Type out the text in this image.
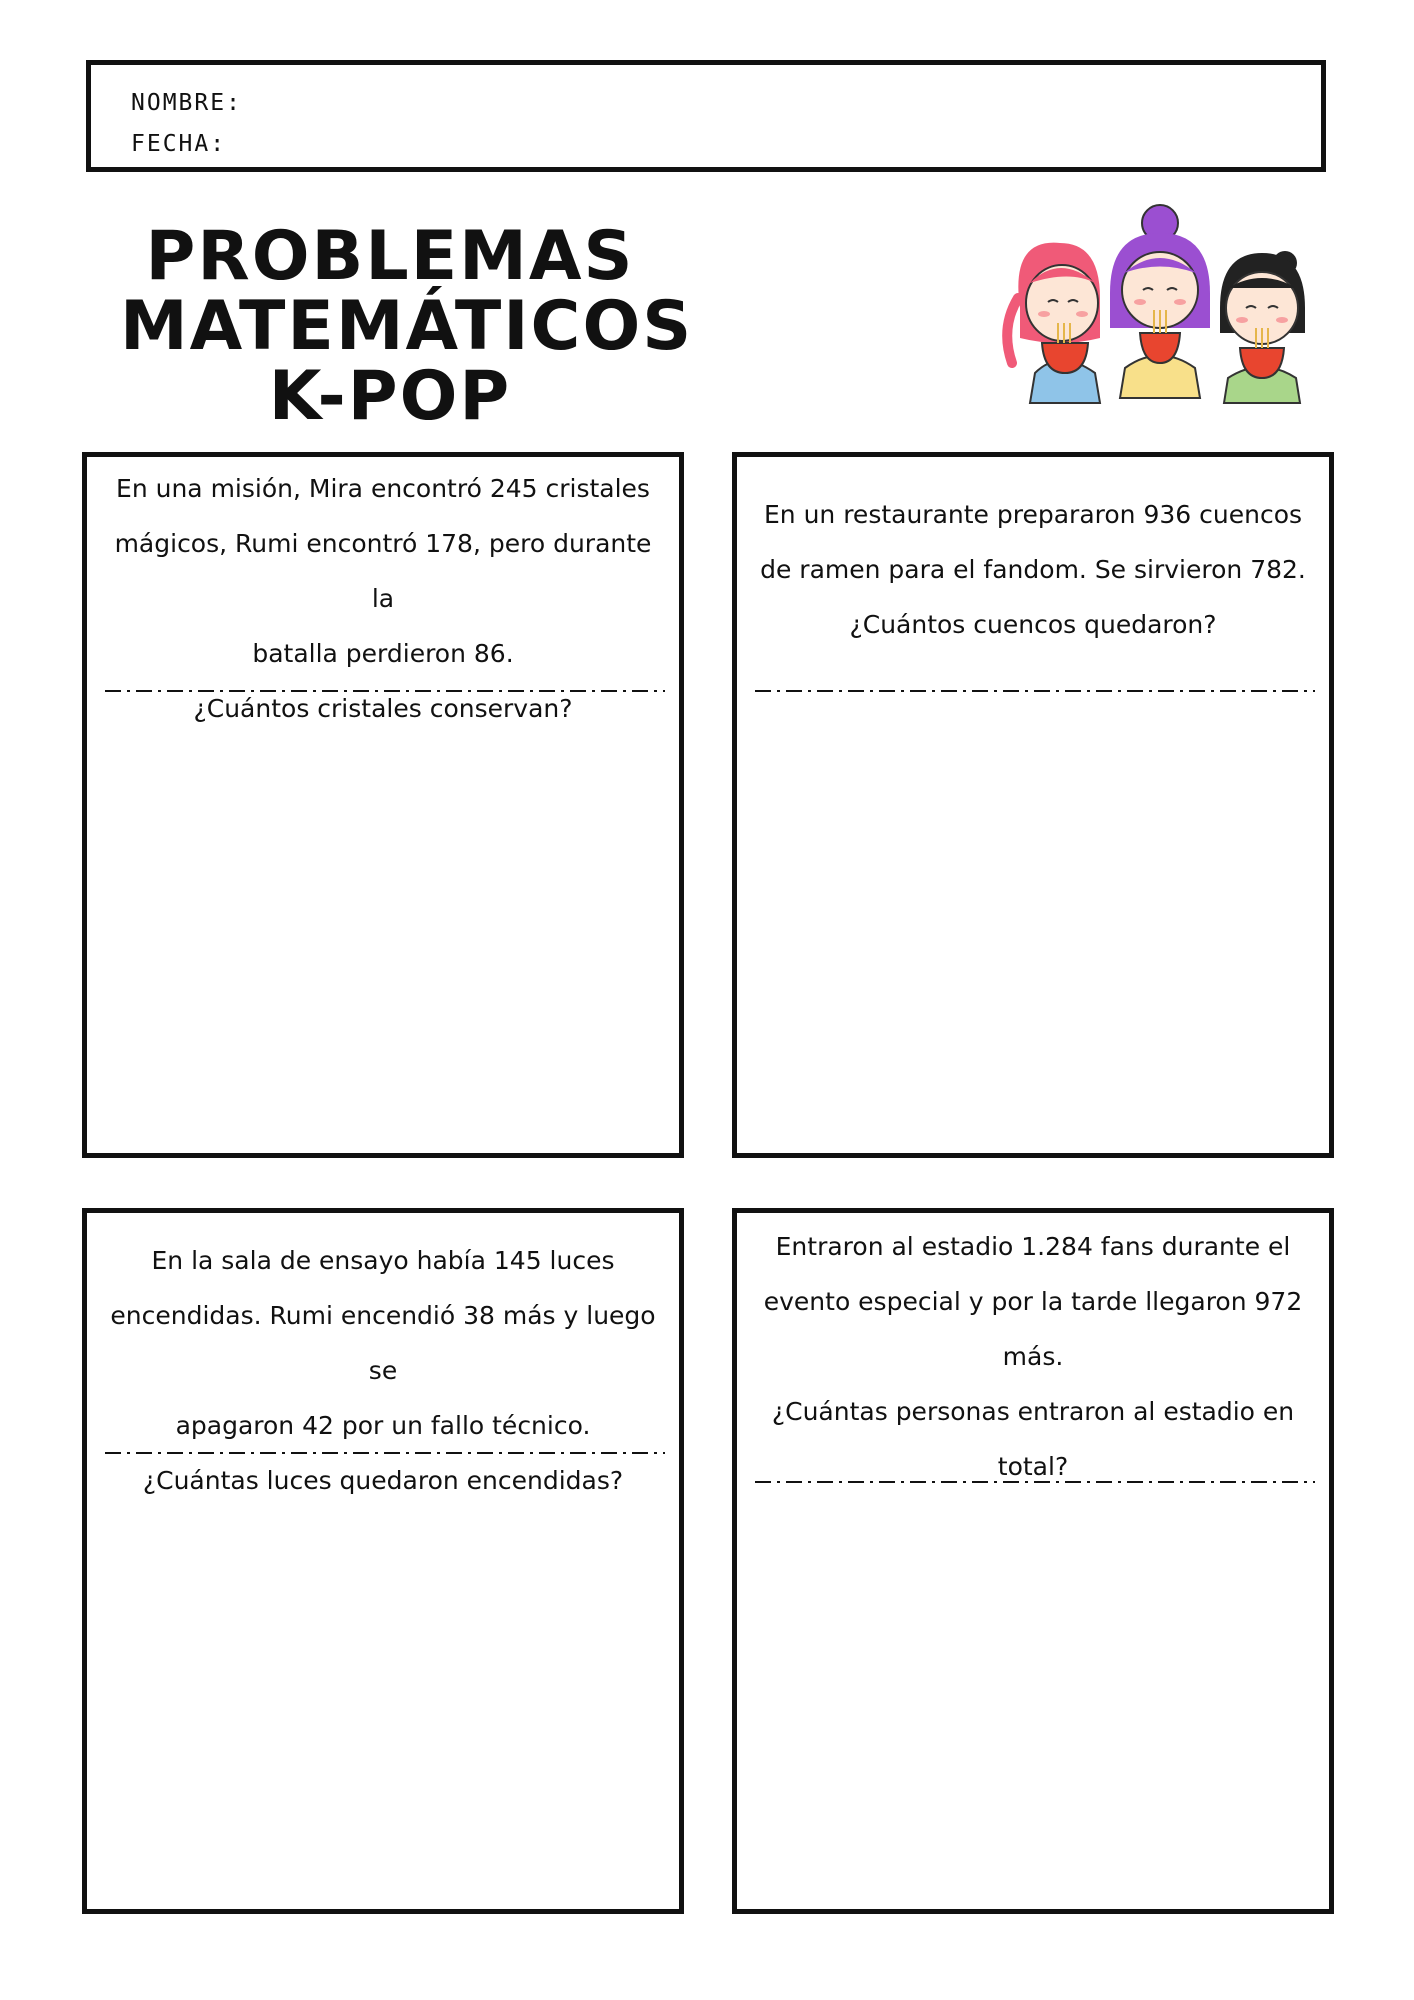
NOMBRE:
FECHA:
PROBLEMAS
MATEMÁTICOS
K-POP

En una misión, Mira encontró 245 cristales

mágicos, Rumi encontró 178, pero durante la

batalla perdieron 86.

¿Cuántos cristales conservan?

En un restaurante prepararon 936 cuencos

de ramen para el fandom. Se sirvieron 782.

¿Cuántos cuencos quedaron?

En la sala de ensayo había 145 luces

encendidas. Rumi encendió 38 más y luego se

apagaron 42 por un fallo técnico.

¿Cuántas luces quedaron encendidas?

Entraron al estadio 1.284 fans durante el

evento especial y por la tarde llegaron 972

más.

¿Cuántas personas entraron al estadio en

total?
